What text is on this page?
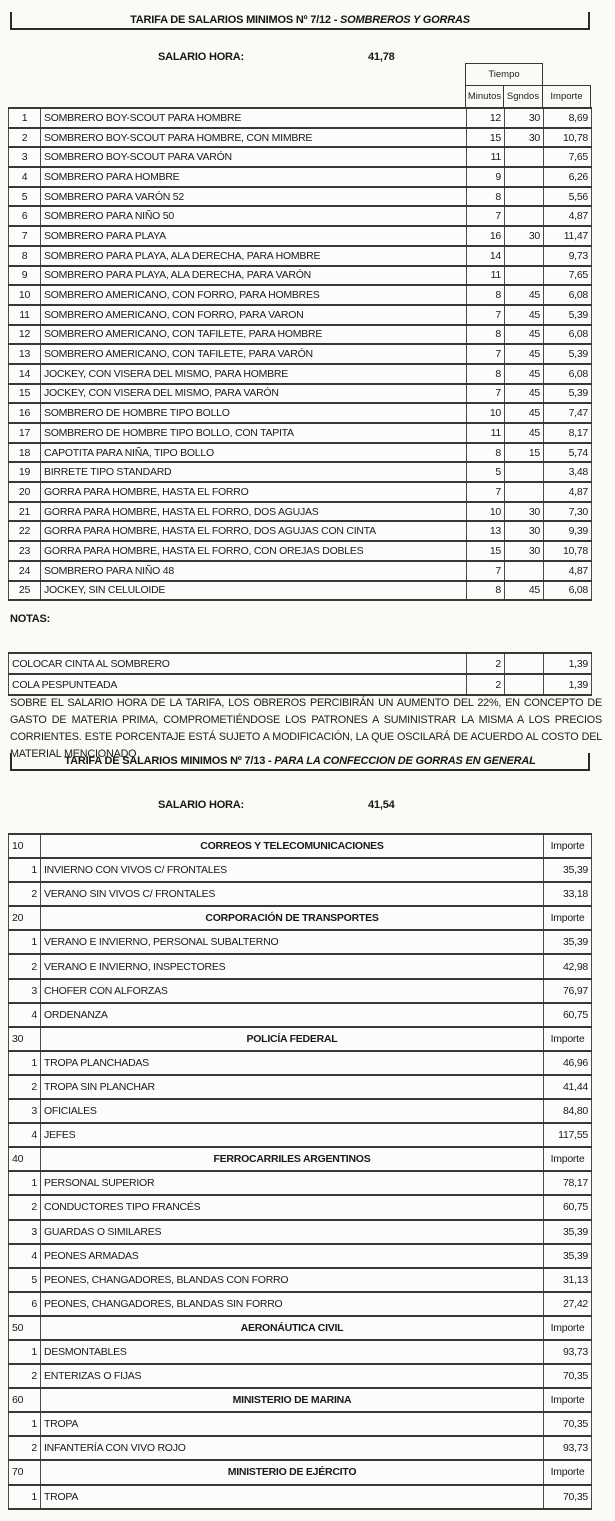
TARIFA DE SALARIOS MINIMOS Nº 7/12 - SOMBREROS Y GORRAS
SALARIO HORA:	41,78
Tiempo		
Minutos	Sgndos	Importe
1	SOMBRERO BOY-SCOUT PARA HOMBRE	12	30	8,69
2	SOMBRERO BOY-SCOUT PARA HOMBRE, CON MIMBRE	15	30	10,78
3	SOMBRERO BOY-SCOUT PARA VARÓN	11		7,65
4	SOMBRERO PARA HOMBRE	9		6,26
5	SOMBRERO PARA VARÓN 52	8		5,56
6	SOMBRERO PARA NIÑO 50	7		4,87
7	SOMBRERO PARA PLAYA	16	30	11,47
8	SOMBRERO PARA PLAYA, ALA DERECHA, PARA HOMBRE	14		9,73
9	SOMBRERO PARA PLAYA, ALA DERECHA, PARA VARÓN	11		7,65
10	SOMBRERO AMERICANO, CON FORRO, PARA HOMBRES	8	45	6,08
11	SOMBRERO AMERICANO, CON FORRO, PARA VARON	7	45	5,39
12	SOMBRERO AMERICANO, CON TAFILETE, PARA HOMBRE	8	45	6,08
13	SOMBRERO AMERICANO, CON TAFILETE, PARA VARÓN	7	45	5,39
14	JOCKEY, CON VISERA DEL MISMO, PARA HOMBRE	8	45	6,08
15	JOCKEY, CON VISERA DEL MISMO, PARA VARÓN	7	45	5,39
16	SOMBRERO DE HOMBRE TIPO BOLLO	10	45	7,47
17	SOMBRERO DE HOMBRE TIPO BOLLO, CON TAPITA	11	45	8,17
18	CAPOTITA PARA NIÑA, TIPO BOLLO	8	15	5,74
19	BIRRETE TIPO STANDARD	5		3,48
20	GORRA PARA HOMBRE, HASTA EL FORRO	7		4,87
21	GORRA PARA HOMBRE, HASTA EL FORRO, DOS AGUJAS	10	30	7,30
22	GORRA PARA HOMBRE, HASTA EL FORRO, DOS AGUJAS CON CINTA	13	30	9,39
23	GORRA PARA HOMBRE, HASTA EL FORRO, CON OREJAS DOBLES	15	30	10,78
24	SOMBRERO PARA NIÑO 48	7		4,87
25	JOCKEY, SIN CELULOIDE	8	45	6,08
NOTAS:
COLOCAR CINTA AL SOMBRERO	2		1,39
COLA PESPUNTEADA	2		1,39

SOBRE EL SALARIO HORA DE LA TARIFA, LOS OBREROS PERCIBIRÁN UN AUMENTO DEL 22%, EN CONCEPTO DE GASTO DE MATERIA PRIMA, COMPROMETIÉNDOSE LOS PATRONES A SUMINISTRAR LA MISMA A LOS PRECIOS CORRIENTES. ESTE PORCENTAJE ESTÁ SUJETO A MODIFICACIÓN, LA QUE OSCILARÁ DE ACUERDO AL COSTO DEL MATERIAL MENCIONADO

TARIFA DE SALARIOS MINIMOS Nº 7/13 - PARA LA CONFECCION DE GORRAS EN GENERAL
SALARIO HORA:	41,54
10	CORREOS Y TELECOMUNICACIONES	Importe
1	INVIERNO CON VIVOS C/ FRONTALES	35,39
2	VERANO SIN VIVOS C/ FRONTALES	33,18
20	CORPORACIÓN DE TRANSPORTES	Importe
1	VERANO E INVIERNO, PERSONAL SUBALTERNO	35,39
2	VERANO E INVIERNO, INSPECTORES	42,98
3	CHOFER CON ALFORZAS	76,97
4	ORDENANZA	60,75
30	POLICÍA FEDERAL	Importe
1	TROPA PLANCHADAS	46,96
2	TROPA SIN PLANCHAR	41,44
3	OFICIALES	84,80
4	JEFES	117,55
40	FERROCARRILES ARGENTINOS	Importe
1	PERSONAL SUPERIOR	78,17
2	CONDUCTORES TIPO FRANCÉS	60,75
3	GUARDAS O SIMILARES	35,39
4	PEONES ARMADAS	35,39
5	PEONES, CHANGADORES, BLANDAS CON FORRO	31,13
6	PEONES, CHANGADORES, BLANDAS SIN FORRO	27,42
50	AERONÁUTICA CIVIL	Importe
1	DESMONTABLES	93,73
2	ENTERIZAS O FIJAS	70,35
60	MINISTERIO DE MARINA	Importe
1	TROPA	70,35
2	INFANTERÍA CON VIVO ROJO	93,73
70	MINISTERIO DE EJÉRCITO	Importe
1	TROPA	70,35
